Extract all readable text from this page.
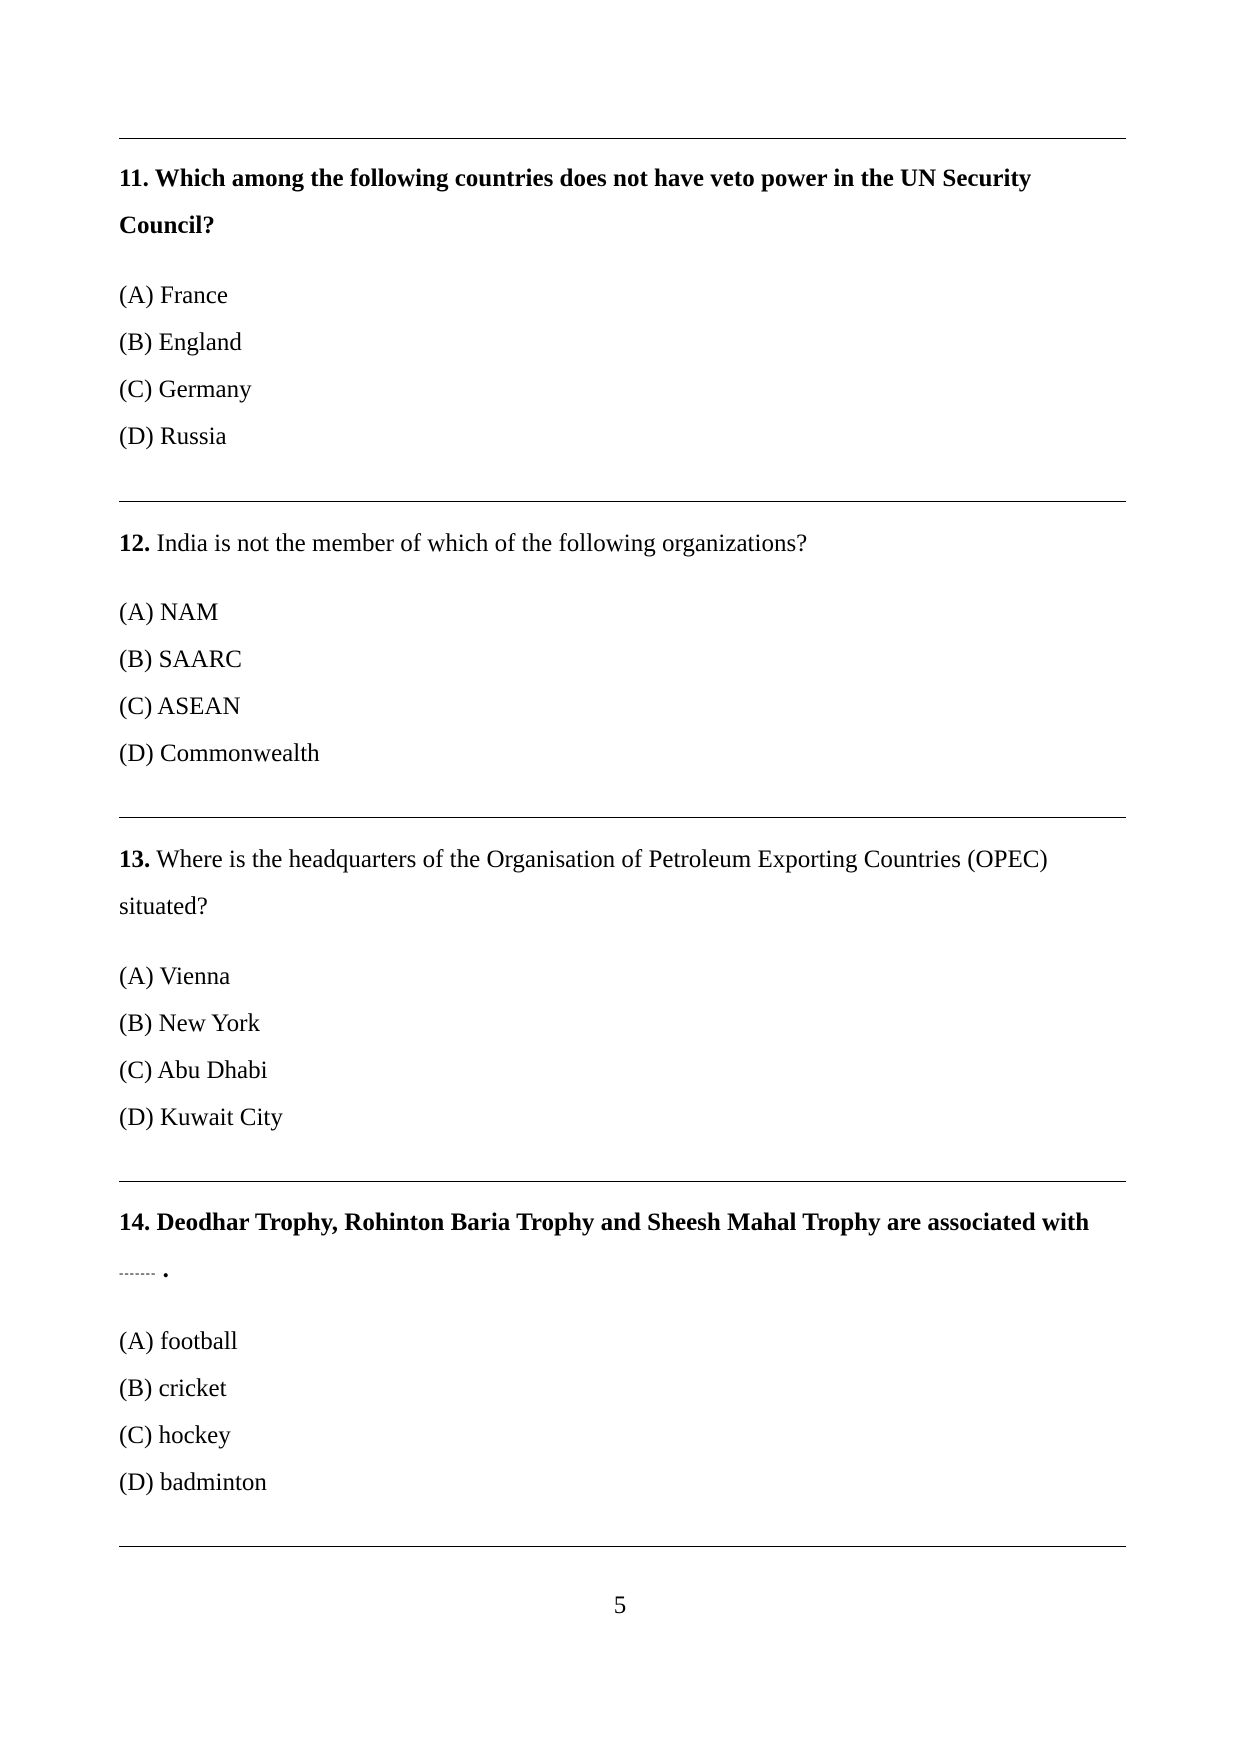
11. Which among the following countries does not have veto power in the UN Security Council?

(A) France
(B) England
(C) Germany
(D) Russia

12. India is not the member of which of the following organizations?

(A) NAM
(B) SAARC
(C) ASEAN
(D) Commonwealth

13. Where is the headquarters of the Organisation of Petroleum Exporting Countries (OPEC) situated?

(A) Vienna
(B) New York
(C) Abu Dhabi
(D) Kuwait City

14. Deodhar Trophy, Rohinton Baria Trophy and Sheesh Mahal Trophy are associated with ------- .

(A) football
(B) cricket
(C) hockey
(D) badminton
5
